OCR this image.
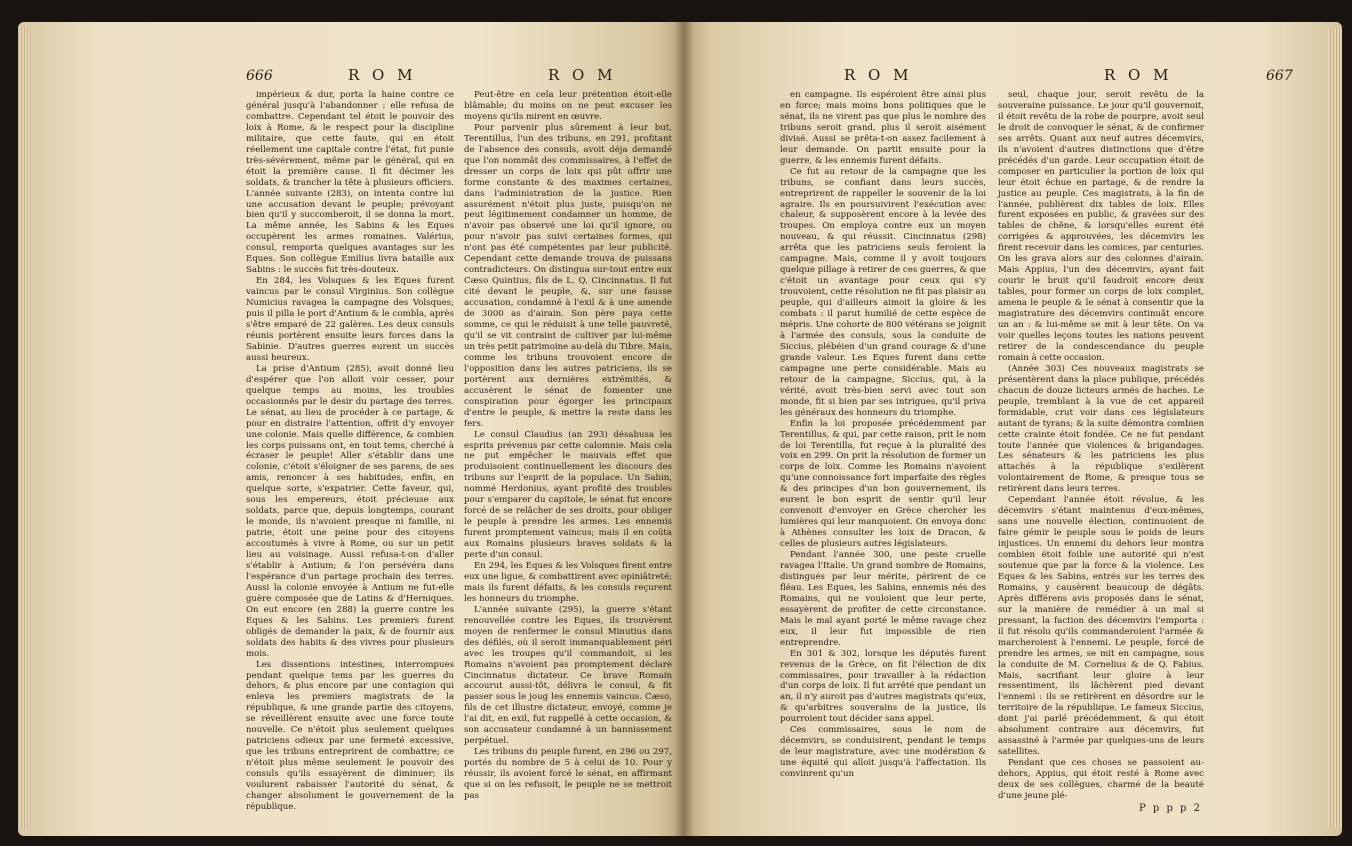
666	R O M	R O M

impérieux & dur, porta la haine contre ce général jusqu'à l'abandonner : elle refusa de combattre. Cependant tel étoit le pouvoir des loix à Rome, & le respect pour la discipline militaire, que cette faute, qui en étoit réellement une capitale contre l'état, fut punie très-sévérement, même par le général, qui en étoit la première cause. Il fit décimer les soldats, & trancher la tête à plusieurs officiers. L'année suivante (283), on intenta contre lui une accusation devant le peuple; prévoyant bien qu'il y succomberoit, il se donna la mort. La même année, les Sabins & les Eques occupèrent les armes romaines. Valérius, consul, remporta quelques avantages sur les Eques. Son collègue Emilius livra bataille aux Sabins : le succès fut très-douteux.

En 284, les Volsques & les Eques furent vaincus par le consul Virginius. Son collègue Numicius ravagea la campagne des Volsques; puis il pilla le port d'Antium & le combla, après s'être emparé de 22 galères. Les deux consuls réunis portèrent ensuite leurs forces dans la Sabinie. D'autres guerres eurent un succès aussi heureux.

La prise d'Antium (285), avoit donné lieu d'espérer que l'on alloit voir cesser, pour quelque temps au moins, les troubles occasionnés par le desir du partage des terres. Le sénat, au lieu de procéder à ce partage, & pour en distraire l'attention, offrit d'y envoyer une colonie. Mais quelle différence, & combien les corps puissans ont, en tout tems, cherché à écraser le peuple! Aller s'établir dans une colonie, c'étoit s'éloigner de ses parens, de ses amis, renoncer à ses habitudes, enfin, en quelque sorte, s'expatrier. Cette faveur, qui, sous les empereurs, étoit précieuse aux soldats, parce que, depuis longtemps, courant le monde, ils n'avoient presque ni famille, ni patrie, étoit une peine pour des citoyens accoutumés à vivre à Rome, ou sur un petit lieu au voisinage. Aussi refusa-t-on d'aller s'établir à Antium; & l'on persévéra dans l'espérance d'un partage prochain des terres. Aussi la colonie envoyée à Antium ne fut-elle guère composée que de Latins & d'Herniques. On eut encore (en 288) la guerre contre les Eques & les Sabins. Les premiers furent obligés de demander la paix, & de fournir aux soldats des habits & des vivres pour plusieurs mois.

Les dissentions intestines, interrompues pendant quelque tems par les guerres du dehors, & plus encore par une contagion qui enleva les premiers magistrats de la république, & une grande partie des citoyens, se réveillèrent ensuite avec une force toute nouvelle. Ce n'étoit plus seulement quelques patriciens odieux par une fermeté excessive, que les tribuns entreprirent de combattre; ce n'étoit plus même seulement le pouvoir des consuls qu'ils essayèrent de diminuer; ils voulurent rabaisser l'autorité du sénat, & changer absolument le gouvernement de la république.

Peut-être en cela leur prétention étoit-elle blâmable; du moins on ne peut excuser les moyens qu'ils mirent en œuvre.

Pour parvenir plus sûrement à leur but, Terentillus, l'un des tribuns, en 291, profitant de l'absence des consuls, avoit déja demandé que l'on nommât des commissaires, à l'effet de dresser un corps de loix qui pût offrir une forme constante & des maximes certaines, dans l'administration de la justice. Rien assurément n'étoit plus juste, puisqu'on ne peut légitimement condamner un homme, de n'avoir pas observé une loi qu'il ignore, ou pour n'avoir pas suivi certaines formes, qui n'ont pas été compétentes par leur publicité. Cependant cette demande trouva de puissans contradicteurs. On distingua sur-tout entre eux Cæso Quintius, fils de L. Q. Cincinnatus. Il fut cité devant le peuple, &, sur une fausse accusation, condamné à l'exil & à une amende de 3000 as d'airain. Son père paya cette somme, ce qui le réduisit à une telle pauvreté, qu'il se vit contraint de cultiver par lui-même un très petit patrimoine au-delà du Tibre. Mais, comme les tribuns trouvoient encore de l'opposition dans les autres patriciens, ils se portèrent aux dernières extrémités, & accusèrent le sénat de fomenter une conspiration pour égorger les principaux d'entre le peuple, & mettre la reste dans les fers.

Le consul Claudius (an 293) désabusa les esprits prévenus par cette calomnie. Mais cela ne put empêcher le mauvais effet que produisoient continuellement les discours des tribuns sur l'esprit de la populace. Un Sabin, nommé Herdonius, ayant profité des troubles pour s'emparer du capitole, le sénat fut encore forcé de se relâcher de ses droits, pour obliger le peuple à prendre les armes. Les ennemis furent promptement vaincus; mais il en coûta aux Romains plusieurs braves soldats & la perte d'un consul.

En 294, les Eques & les Volsques firent entre eux une ligue, & combattirent avec opiniâtreté; mais ils furent défaits, & les consuls reçurent les honneurs du triomphe.

L'année suivante (295), la guerre s'étant renouvellée contre les Eques, ils trouvèrent moyen de renfermer le consul Minutius dans des défilés, où il seroit immanquablement péri avec les troupes qu'il commandoit, si les Romains n'avoient pas promptement déclaré Cincinnatus dictateur. Ce brave Romain accourut aussi-tôt, délivra le consul, & fit passer sous le joug les ennemis vaincus. Cæso, fils de cet illustre dictateur, envoyé, comme je l'ai dit, en exil, fut rappellé à cette occasion, & son accusateur condamné à un bannissement perpétuel.

Les tribuns du peuple furent, en 296 ou 297, portés du nombre de 5 à celui de 10. Pour y réussir, ils avoient forcé le sénat, en affirmant que si on les refusoit, le peuple ne se mettroit pas

R O M	R O M	667

en campagne. Ils espéroient être ainsi plus en force; mais moins bons politiques que le sénat, ils ne virent pas que plus le nombre des tribuns seroit grand, plus il seroit aisément divisé. Aussi se prêta-t-on assez facilement à leur demande. On partit ensuite pour la guerre, & les ennemis furent défaits.

Ce fut au retour de la campagne que les tribuns, se confiant dans leurs succès, entreprirent de rappeller le souvenir de la loi agraire. Ils en poursuivirent l'exécution avec chaleur, & supposèrent encore à la levée des troupes. On employa contre eux un moyen nouveau, & qui réussit. Cincinnatus (298) arrêta que les patriciens seuls feroient la campagne. Mais, comme il y avoit toujours quelque pillage à retirer de ces guerres, & que c'étoit un avantage pour ceux qui s'y trouvoient, cette résolution ne fit pas plaisir au peuple, qui d'ailleurs aimoit la gloire & les combats : il parut humilié de cette espèce de mépris. Une cohorte de 800 vétérans se joignit à l'armée des consuls, sous la conduite de Siccius, plébéien d'un grand courage & d'une grande valeur. Les Eques furent dans cette campagne une perte considérable. Mais au retour de la campagne, Siccius, qui, à la vérité, avoit très-bien servi avec tout son monde, fit si bien par ses intrigues, qu'il priva les généraux des honneurs du triomphe.

Enfin la loi proposée précédemment par Terentillus, & qui, par cette raison, prit le nom de loi Terentilla, fut reçue à la pluralité des voix en 299. On prit la résolution de former un corps de loix. Comme les Romains n'avoient qu'une connoissance fort imparfaite des règles & des principes d'un bon gouvernement, ils eurent le bon esprit de sentir qu'il leur convenoit d'envoyer en Grèce chercher les lumières qui leur manquoient. On envoya donc à Athènes consulter les loix de Dracon, & celles de plusieurs autres législateurs.

Pendant l'année 300, une peste cruelle ravagea l'Italie. Un grand nombre de Romains, distingués par leur mérite, périrent de ce fléau. Les Eques, les Sabins, ennemis nés des Romains, qui ne vouloient que leur perte, essayèrent de profiter de cette circonstance. Mais le mal ayant porté le même ravage chez eux, il leur fut impossible de rien entreprendre.

En 301 & 302, lorsque les députés furent revenus de la Grèce, on fit l'élection de dix commissaires, pour travailler à la rédaction d'un corps de loix. Il fut arrêté que pendant un an, il n'y auroit pas d'autres magistrats qu'eux, & qu'arbitres souverains de la justice, ils pourroient tout décider sans appel.

Ces commissaires, sous le nom de décemvirs, se conduisirent, pendant le temps de leur magistrature, avec une modération & une équité qui alloit jusqu'à l'affectation. Ils convinrent qu'un

seul, chaque jour, seroit revêtu de la souveraine puissance. Le jour qu'il gouvernoit, il étoit revêtu de la robe de pourpre, avoit seul le droit de convoquer le sénat, & de confirmer ses arrêts. Quant aux neuf autres décemvirs, ils n'avoient d'autres distinctions que d'être précédés d'un garde. Leur occupation étoit de composer en particulier la portion de loix qui leur étoit échue en partage, & de rendre la justice au peuple. Ces magistrats, à la fin de l'année, publièrent dix tables de loix. Elles furent exposées en public, & gravées sur des tables de chêne, & lorsqu'elles eurent été corrigées & approuvées, les décemvirs les firent recevoir dans les comices, par centuries. On les grava alors sur des colonnes d'airain. Mais Appius, l'un des décemvirs, ayant fait courir le bruit qu'il faudroit encore deux tables, pour former un corps de loix complet, amena le peuple & le sénat à consentir que la magistrature des décemvirs continuât encore un an : & lui-même se mit à leur tête. On va voir quelles leçons toutes les nations peuvent retirer de la condescendance du peuple romain à cette occasion.

(Année 303) Ces nouveaux magistrats se présentèrent dans la place publique, précédés chacun de douze licteurs armés de haches. Le peuple, tremblant à la vue de cet appareil formidable, crut voir dans ces législateurs autant de tyrans; & la suite démontra combien cette crainte étoit fondée. Ce ne fut pendant toute l'année que violences & brigandages. Les sénateurs & les patriciens les plus attachés à la république s'exilèrent volontairement de Rome, & presque tous se retirèrent dans leurs terres.

Cependant l'année étoit révolue, & les décemvirs s'étant maintenus d'eux-mêmes, sans une nouvelle élection, continuoient de faire gémir le peuple sous le poids de leurs injustices. Un ennemi du dehors leur montra combien étoit foible une autorité qui n'est soutenue que par la force & la violence. Les Eques & les Sabins, entrés sur les terres des Romains, y causèrent beaucoup de dégâts. Après différens avis proposés dans le sénat, sur la manière de remédier à un mal si pressant, la faction des décemvirs l'emporta : il fut résolu qu'ils commanderoient l'armée & marcheroient à l'ennemi. Le peuple, forcé de prendre les armes, se mit en campagne, sous la conduite de M. Cornelius & de Q. Fabius. Mais, sacrifiant leur gloire à leur ressentiment, ils lâchèrent pied devant l'ennemi : ils se retirèrent en désordre sur le territoire de la république. Le fameux Siccius, dont j'ai parlé précédemment, & qui étoit absolument contraire aux décemvirs, fut assassiné à l'armée par quelques-uns de leurs satellites.

Pendant que ces choses se passoient au-dehors, Appius, qui étoit resté à Rome avec deux de ses collègues, charmé de la beauté d'une jeune plé-

P p p p 2
